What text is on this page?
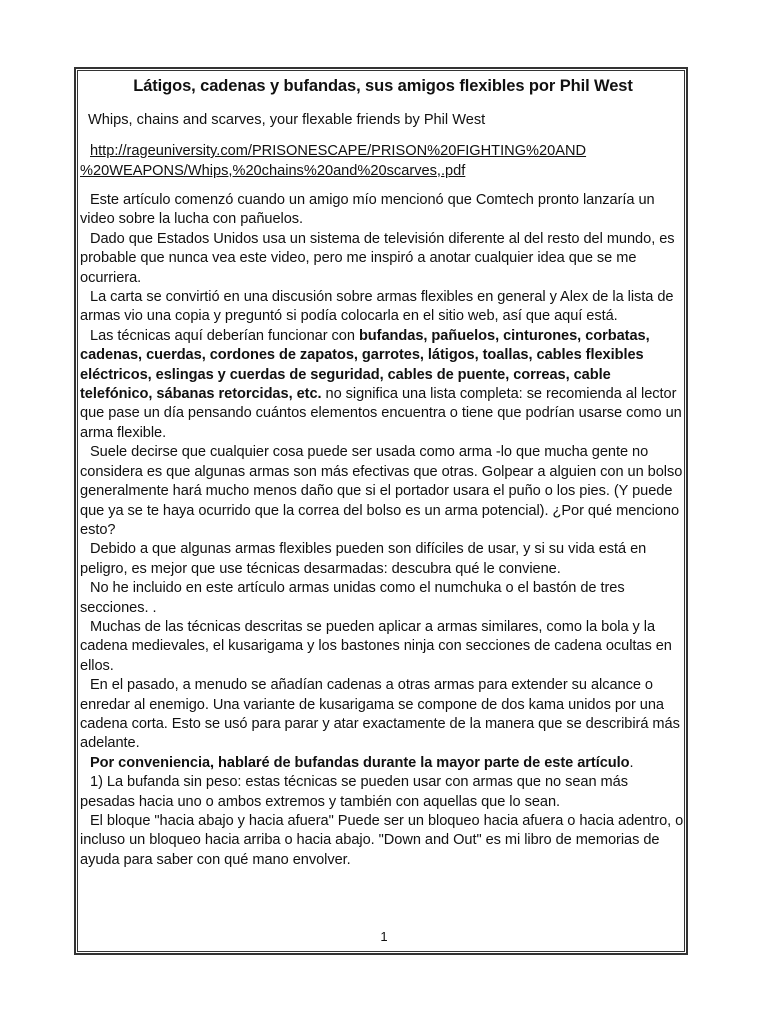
Látigos, cadenas y bufandas, sus amigos flexibles por Phil West
Whips, chains and scarves, your flexable friends by Phil West
http://rageuniversity.com/PRISONESCAPE/PRISON%20FIGHTING%20AND
%20WEAPONS/Whips,%20chains%20and%20scarves,.pdf

Este artículo comenzó cuando un amigo mío mencionó que Comtech pronto lanzaría un video sobre la lucha con pañuelos.

Dado que Estados Unidos usa un sistema de televisión diferente al del resto del mundo, es probable que nunca vea este video, pero me inspiró a anotar cualquier idea que se me ocurriera.

La carta se convirtió en una discusión sobre armas flexibles en general y Alex de la lista de armas vio una copia y preguntó si podía colocarla en el sitio web, así que aquí está.

Las técnicas aquí deberían funcionar con bufandas, pañuelos, cinturones, corbatas, cadenas, cuerdas, cordones de zapatos, garrotes, látigos, toallas, cables flexibles eléctricos, eslingas y cuerdas de seguridad, cables de puente, correas, cable telefónico, sábanas retorcidas, etc. no significa una lista completa: se recomienda al lector que pase un día pensando cuántos elementos encuentra o tiene que podrían usarse como un arma flexible.

Suele decirse que cualquier cosa puede ser usada como arma -lo que mucha gente no considera es que algunas armas son más efectivas que otras. Golpear a alguien con un bolso generalmente hará mucho menos daño que si el portador usara el puño o los pies. (Y puede que ya se te haya ocurrido que la correa del bolso es un arma potencial). ¿Por qué menciono esto?

Debido a que algunas armas flexibles pueden son difíciles de usar, y si su vida está en peligro, es mejor que use técnicas desarmadas: descubra qué le conviene.

No he incluido en este artículo armas unidas como el numchuka o el bastón de tres secciones. .

Muchas de las técnicas descritas se pueden aplicar a armas similares, como la bola y la cadena medievales, el kusarigama y los bastones ninja con secciones de cadena ocultas en ellos.

En el pasado, a menudo se añadían cadenas a otras armas para extender su alcance o enredar al enemigo. Una variante de kusarigama se compone de dos kama unidos por una cadena corta. Esto se usó para parar y atar exactamente de la manera que se describirá más adelante.

Por conveniencia, hablaré de bufandas durante la mayor parte de este artículo.

1) La bufanda sin peso: estas técnicas se pueden usar con armas que no sean más pesadas hacia uno o ambos extremos y también con aquellas que lo sean.

El bloque "hacia abajo y hacia afuera" Puede ser un bloqueo hacia afuera o hacia adentro, o incluso un bloqueo hacia arriba o hacia abajo. "Down and Out" es mi libro de memorias de ayuda para saber con qué mano envolver.

1
